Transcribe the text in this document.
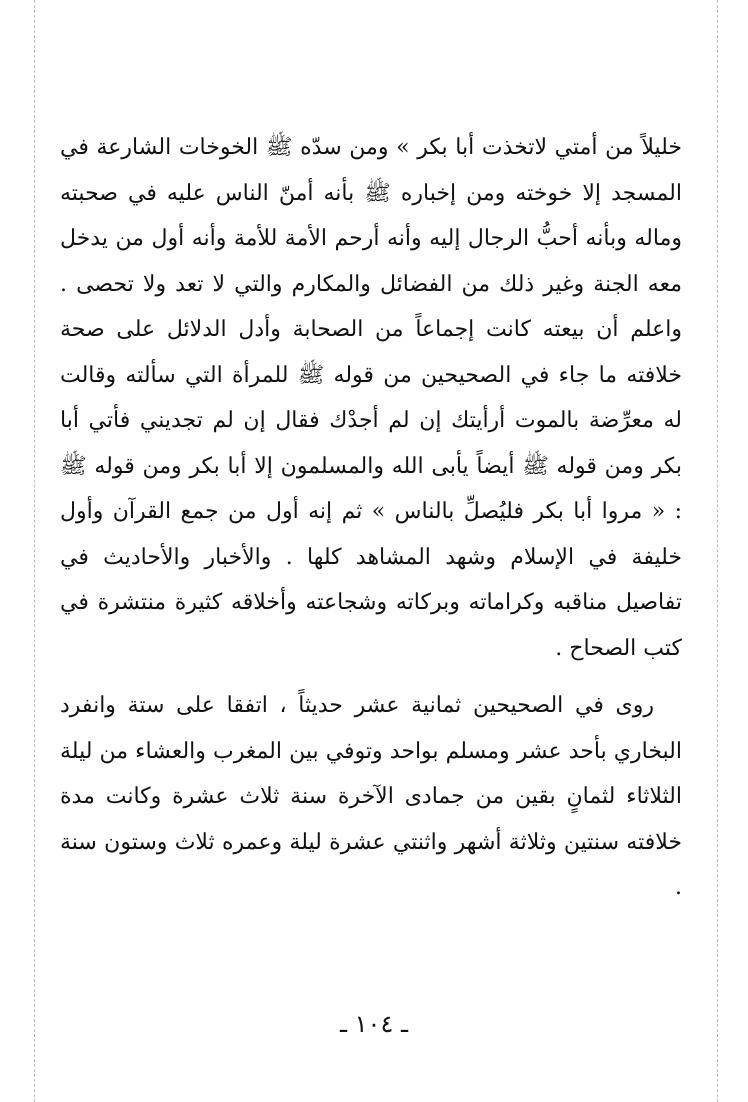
خليلاً من أمتي لاتخذت أبا بكر » ومن سدّه ﷺ الخوخات الشارعة في المسجد إلا خوخته ومن إخباره ﷺ بأنه أمنّ الناس عليه في صحبته وماله وبأنه أحبُّ الرجال إليه وأنه أرحم الأمة للأمة وأنه أول من يدخل معه الجنة وغير ذلك من الفضائل والمكارم والتي لا تعد ولا تحصى . واعلم أن بيعته كانت إجماعاً من الصحابة وأدل الدلائل على صحة خلافته ما جاء في الصحيحين من قوله ﷺ للمرأة التي سألته وقالت له معرِّضة بالموت أرأيتك إن لم أجدْك فقال إن لم تجديني فأتي أبا بكر ومن قوله ﷺ أيضاً يأبى الله والمسلمون إلا أبا بكر ومن قوله ﷺ : « مروا أبا بكر فليُصلِّ بالناس » ثم إنه أول من جمع القرآن وأول خليفة في الإسلام وشهد المشاهد كلها . والأخبار والأحاديث في تفاصيل مناقبه وكراماته وبركاته وشجاعته وأخلاقه كثيرة منتشرة في كتب الصحاح .

روى في الصحيحين ثمانية عشر حديثاً ، اتفقا على ستة وانفرد البخاري بأحد عشر ومسلم بواحد وتوفي بين المغرب والعشاء من ليلة الثلاثاء لثمانٍ بقين من جمادى الآخرة سنة ثلاث عشرة وكانت مدة خلافته سنتين وثلاثة أشهر واثنتي عشرة ليلة وعمره ثلاث وستون سنة .

ـ ١٠٤ ـ
